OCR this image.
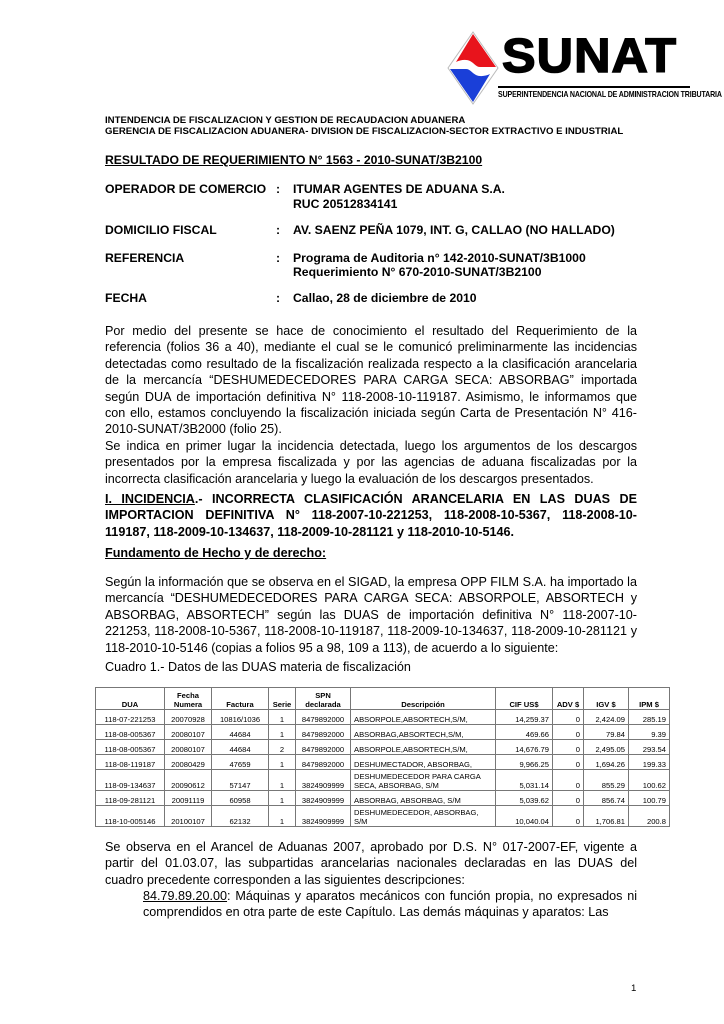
SUNAT
SUPERINTENDENCIA NACIONAL DE ADMINISTRACION TRIBUTARIA
INTENDENCIA DE FISCALIZACION Y GESTION DE RECAUDACION ADUANERA
GERENCIA DE FISCALIZACION ADUANERA- DIVISION DE FISCALIZACION-SECTOR EXTRACTIVO E INDUSTRIAL
RESULTADO DE REQUERIMIENTO N° 1563 - 2010-SUNAT/3B2100
OPERADOR DE COMERCIO : ITUMAR AGENTES DE ADUANA S.A.
RUC 20512834141
DOMICILIO FISCAL	: AV. SAENZ PEÑA 1079, INT. G, CALLAO (NO HALLADO)
REFERENCIA	: Programa de Auditoria n° 142-2010-SUNAT/3B1000
Requerimiento N° 670-2010-SUNAT/3B2100
FECHA	: Callao, 28 de diciembre de 2010
Por medio del presente se hace de conocimiento el resultado del Requerimiento de la referencia (folios 36 a 40), mediante el cual se le comunicó preliminarmente las incidencias detectadas como resultado de la fiscalización realizada respecto a la clasificación arancelaria de la mercancía “DESHUMEDECEDORES PARA CARGA SECA: ABSORBAG” importada según DUA de importación definitiva N° 118-2008-10-119187. Asimismo, le informamos que con ello, estamos concluyendo la fiscalización iniciada según Carta de Presentación N° 416-2010-SUNAT/3B2000 (folio 25).
Se indica en primer lugar la incidencia detectada, luego los argumentos de los descargos presentados por la empresa fiscalizada y por las agencias de aduana fiscalizadas por la incorrecta clasificación arancelaria y luego la evaluación de los descargos presentados.
I. INCIDENCIA.- INCORRECTA CLASIFICACIÓN ARANCELARIA EN LAS DUAS DE IMPORTACION DEFINITIVA N° 118-2007-10-221253, 118-2008-10-5367, 118-2008-10-119187, 118-2009-10-134637, 118-2009-10-281121 y 118-2010-10-5146.
Fundamento de Hecho y de derecho:
Según la información que se observa en el SIGAD, la empresa OPP FILM S.A. ha importado la mercancía “DESHUMEDECEDORES PARA CARGA SECA: ABSORPOLE, ABSORTECH y ABSORBAG, ABSORTECH” según las DUAS de importación definitiva N° 118-2007-10-221253, 118-2008-10-5367, 118-2008-10-119187, 118-2009-10-134637, 118-2009-10-281121 y 118-2010-10-5146 (copias a folios 95 a 98, 109 a 113), de acuerdo a lo siguiente:
Cuadro 1.- Datos de las DUAS materia de fiscalización
DUA	Fecha Numera	Factura	Serie	SPN declarada	Descripción	CIF US$	ADV $	IGV $	IPM $
118-07-221253	20070928	10816/1036	1	8479892000	ABSORPOLE,ABSORTECH,S/M,	14,259.37	0	2,424.09	285.19
118-08-005367	20080107	44684	1	8479892000	ABSORBAG,ABSORTECH,S/M,	469.66	0	79.84	9.39
118-08-005367	20080107	44684	2	8479892000	ABSORPOLE,ABSORTECH,S/M,	14,676.79	0	2,495.05	293.54
118-08-119187	20080429	47659	1	8479892000	DESHUMECTADOR, ABSORBAG,	9,966.25	0	1,694.26	199.33
118-09-134637	20090612	57147	1	3824909999	DESHUMEDECEDOR PARA CARGA SECA, ABSORBAG, S/M	5,031.14	0	855.29	100.62
118-09-281121	20091119	60958	1	3824909999	ABSORBAG, ABSORBAG, S/M	5,039.62	0	856.74	100.79
118-10-005146	20100107	62132	1	3824909999	DESHUMEDECEDOR, ABSORBAG, S/M	10,040.04	0	1,706.81	200.8
Se observa en el Arancel de Aduanas 2007, aprobado por D.S. N° 017-2007-EF, vigente a partir del 01.03.07, las subpartidas arancelarias nacionales declaradas en las DUAS del cuadro precedente corresponden a las siguientes descripciones:
84.79.89.20.00: Máquinas y aparatos mecánicos con función propia, no expresados ni comprendidos en otra parte de este Capítulo. Las demás máquinas y aparatos: Las
1
